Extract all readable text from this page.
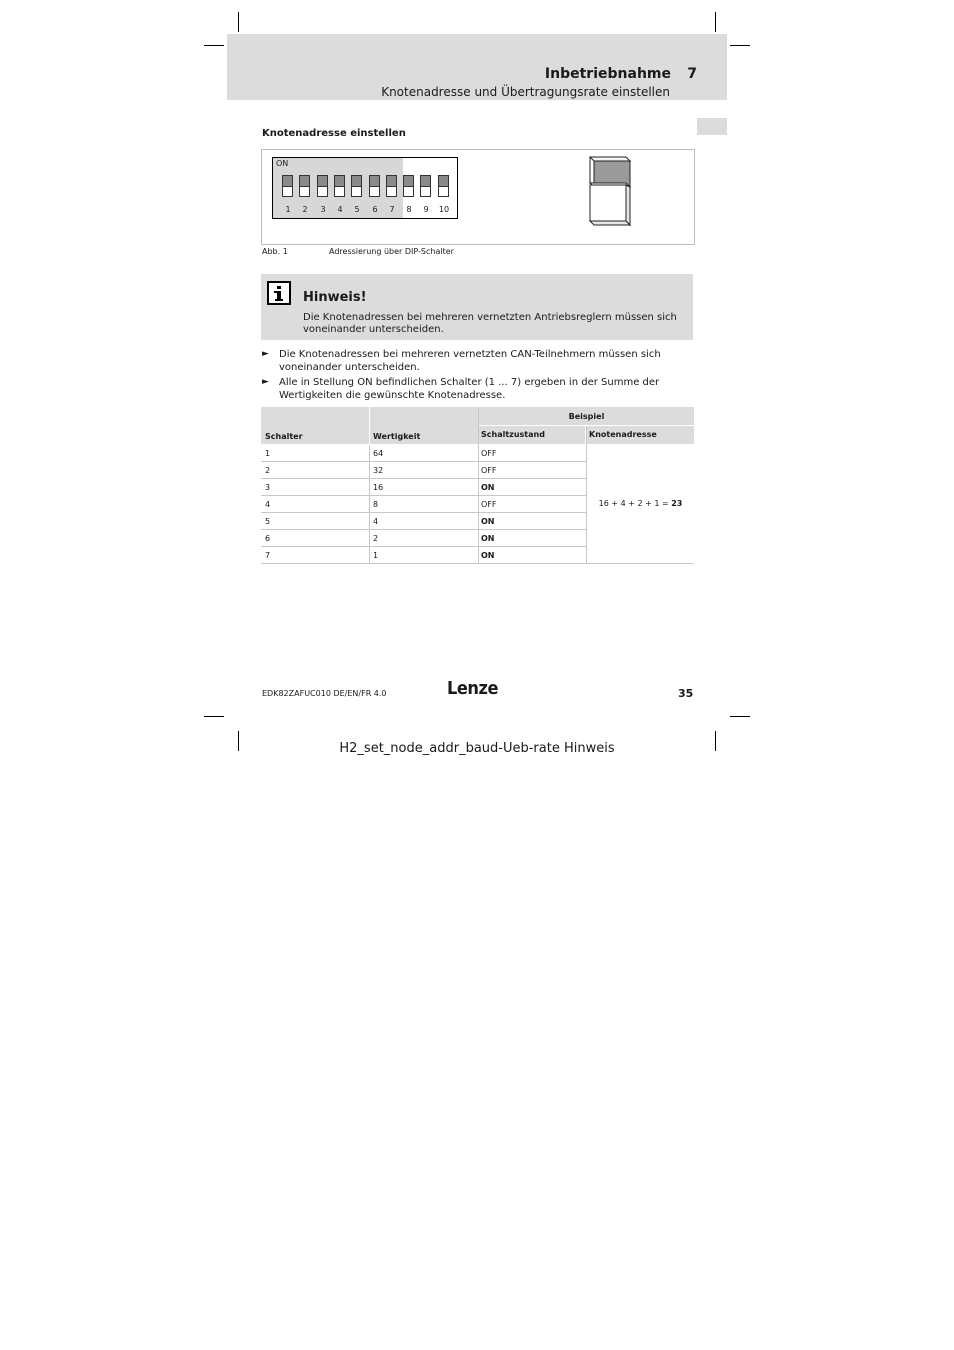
Inbetriebnahme 7
Knotenadresse und Übertragungsrate einstellen
Knotenadresse einstellen
ON
1	2	3	4	5	6	7	8	9	10
Abb. 1	Adressierung über DIP-Schalter
Hinweis!
Die Knotenadressen bei mehreren vernetzten Antriebsreglern müssen sich voneinander unterscheiden.
► Die Knotenadressen bei mehreren vernetzten CAN-Teilnehmern müssen sich voneinander unterscheiden.
► Alle in Stellung ON befindlichen Schalter (1 ... 7) ergeben in der Summe der Wertigkeiten die gewünschte Knotenadresse.
Schalter	Wertigkeit
Beispiel
Schaltzustand	Knotenadresse
1	64	OFF
2	32	OFF
3	16	ON
4	8	OFF
5	4	ON
6	2	ON
7	1	ON
16 + 4 + 2 + 1 = 23
EDK82ZAFUC010 DE/EN/FR 4.0	Lenze	35
H2_set_node_addr_baud-Ueb-rate Hinweis
